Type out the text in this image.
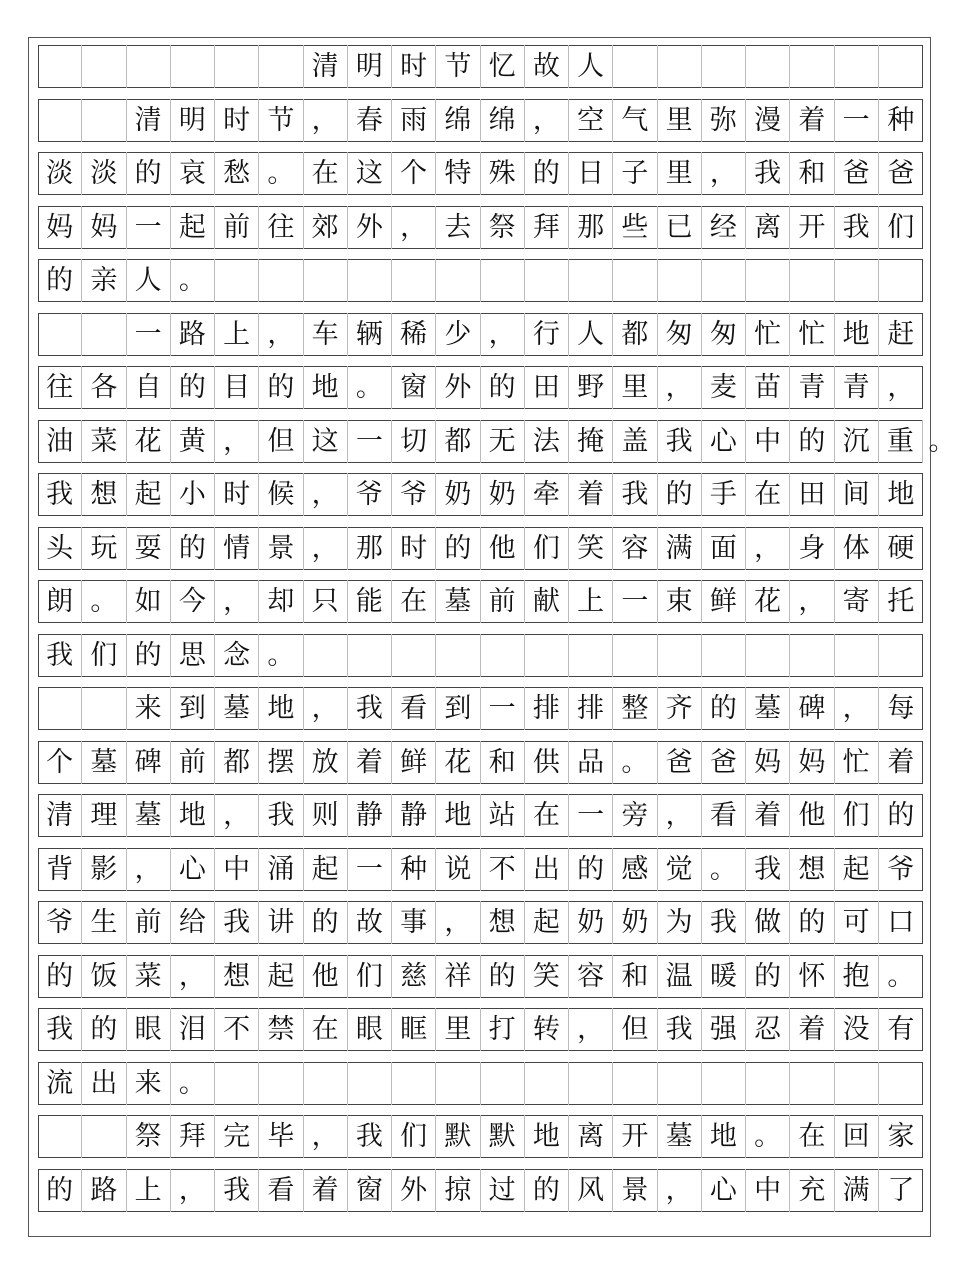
清 明 时 节 忆 故 人
清 明 时 节 ， 春 雨 绵 绵 ， 空 气 里 弥 漫 着 一 种
淡 淡 的 哀 愁 。 在 这 个 特 殊 的 日 子 里 ， 我 和 爸 爸
妈 妈 一 起 前 往 郊 外 ， 去 祭 拜 那 些 已 经 离 开 我 们
的 亲 人 。
一 路 上 ， 车 辆 稀 少 ， 行 人 都 匆 匆 忙 忙 地 赶
往 各 自 的 目 的 地 。 窗 外 的 田 野 里 ， 麦 苗 青 青 ，
油 菜 花 黄 ， 但 这 一 切 都 无 法 掩 盖 我 心 中 的 沉 重 。
我 想 起 小 时 候 ， 爷 爷 奶 奶 牵 着 我 的 手 在 田 间 地
头 玩 耍 的 情 景 ， 那 时 的 他 们 笑 容 满 面 ， 身 体 硬
朗 。 如 今 ， 却 只 能 在 墓 前 献 上 一 束 鲜 花 ， 寄 托
我 们 的 思 念 。
来 到 墓 地 ， 我 看 到 一 排 排 整 齐 的 墓 碑 ， 每
个 墓 碑 前 都 摆 放 着 鲜 花 和 供 品 。 爸 爸 妈 妈 忙 着
清 理 墓 地 ， 我 则 静 静 地 站 在 一 旁 ， 看 着 他 们 的
背 影 ， 心 中 涌 起 一 种 说 不 出 的 感 觉 。 我 想 起 爷
爷 生 前 给 我 讲 的 故 事 ， 想 起 奶 奶 为 我 做 的 可 口
的 饭 菜 ， 想 起 他 们 慈 祥 的 笑 容 和 温 暖 的 怀 抱 。
我 的 眼 泪 不 禁 在 眼 眶 里 打 转 ， 但 我 强 忍 着 没 有
流 出 来 。
祭 拜 完 毕 ， 我 们 默 默 地 离 开 墓 地 。 在 回 家
的 路 上 ， 我 看 着 窗 外 掠 过 的 风 景 ， 心 中 充 满 了
